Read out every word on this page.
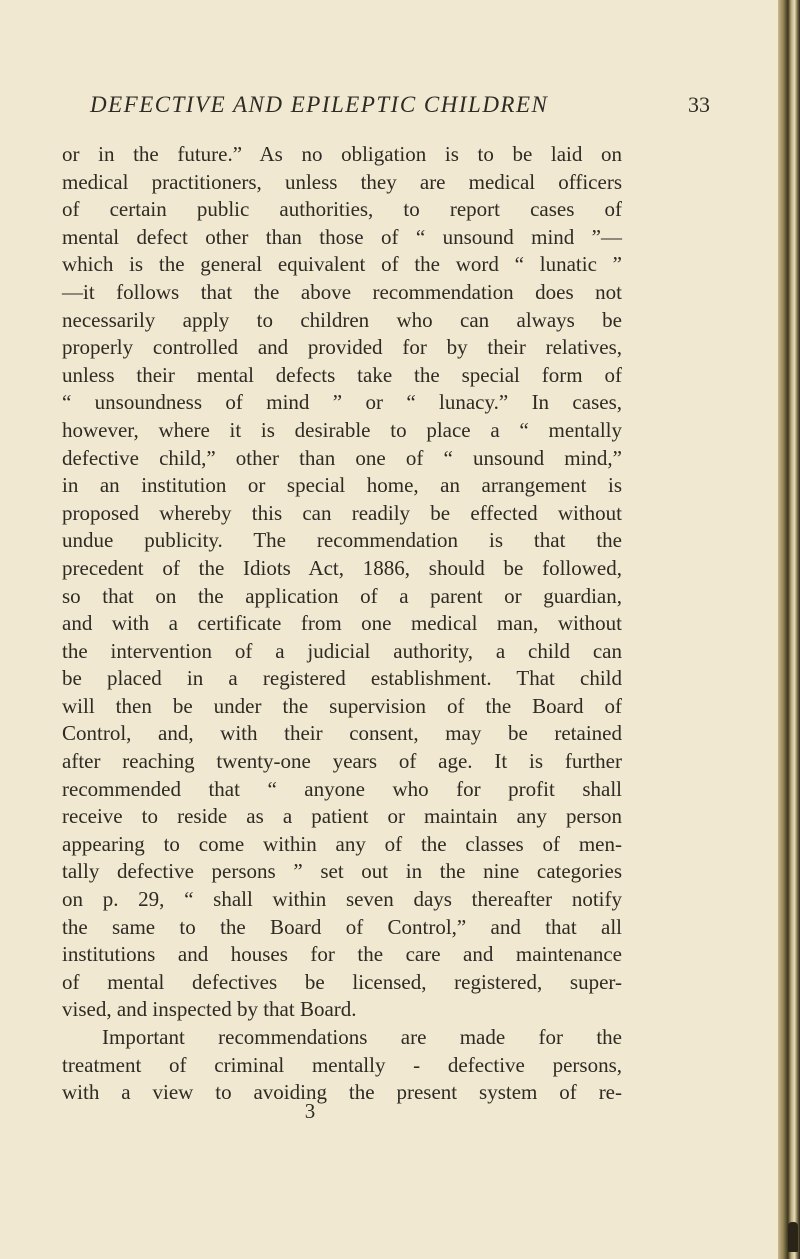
DEFECTIVE AND EPILEPTIC CHILDREN	33
or in the future.” As no obligation is to be laid on
medical practitioners, unless they are medical officers
of certain public authorities, to report cases of
mental defect other than those of “ unsound mind ”—
which is the general equivalent of the word “ lunatic ”
—it follows that the above recommendation does not
necessarily apply to children who can always be
properly controlled and provided for by their relatives,
unless their mental defects take the special form of
“ unsoundness of mind ” or “ lunacy.” In cases,
however, where it is desirable to place a “ mentally
defective child,” other than one of “ unsound mind,”
in an institution or special home, an arrangement is
proposed whereby this can readily be effected without
undue publicity. The recommendation is that the
precedent of the Idiots Act, 1886, should be followed,
so that on the application of a parent or guardian,
and with a certificate from one medical man, without
the intervention of a judicial authority, a child can
be placed in a registered establishment. That child
will then be under the supervision of the Board of
Control, and, with their consent, may be retained
after reaching twenty-one years of age. It is further
recommended that “ anyone who for profit shall
receive to reside as a patient or maintain any person
appearing to come within any of the classes of men-
tally defective persons ” set out in the nine categories
on p. 29, “ shall within seven days thereafter notify
the same to the Board of Control,” and that all
institutions and houses for the care and maintenance
of mental defectives be licensed, registered, super-
vised, and inspected by that Board.
Important recommendations are made for the
treatment of criminal mentally - defective persons,
with a view to avoiding the present system of re-
3
